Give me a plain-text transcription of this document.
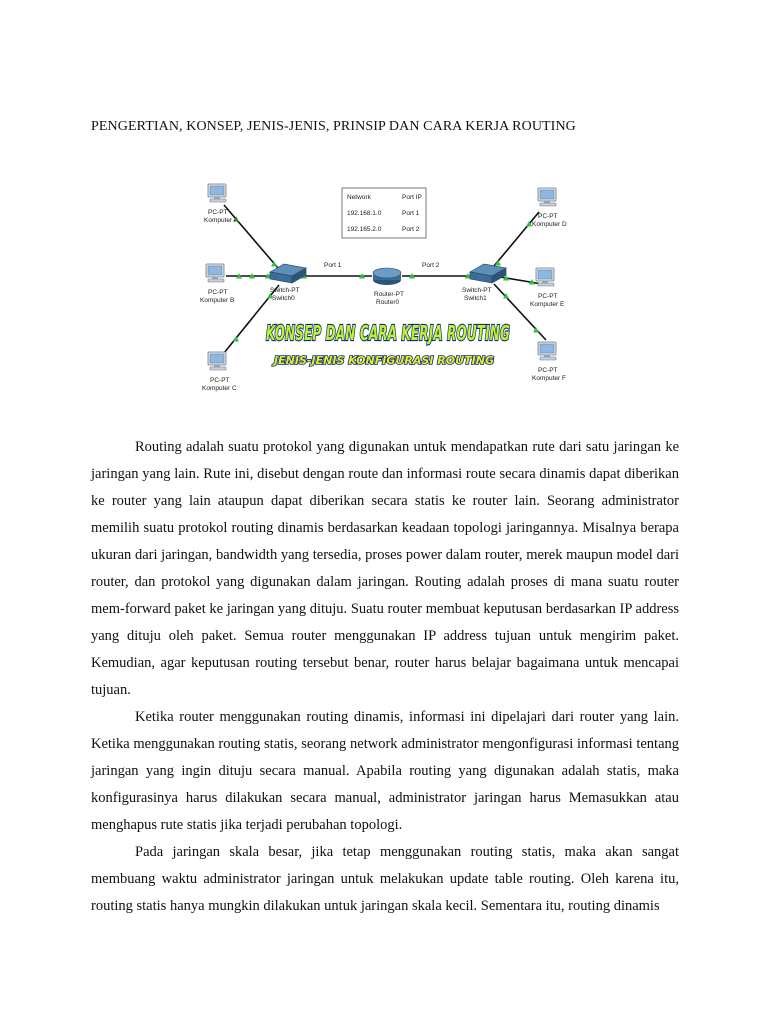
PENGERTIAN, KONSEP, JENIS-JENIS, PRINSIP DAN CARA KERJA ROUTING
Network	Port IP
192.168.1.0	Port 1
192.165.2.0	Port 2
Port 1	Port 2
PC-PT
Komputer A
PC-PT
Komputer B
PC-PT
Komputer C
PC-PT
Komputer D
PC-PT
Komputer E
PC-PT
Komputer F
Switch-PT
Switch0
Switch-PT
Switch1
Router-PT
Router0
KONSEP DAN CARA KERJA ROUTING
JENIS-JENIS KONFIGURASI ROUTING

Routing adalah suatu protokol yang digunakan untuk mendapatkan rute dari satu jaringan ke jaringan yang lain. Rute ini, disebut dengan route dan informasi route secara dinamis dapat diberikan ke router yang lain ataupun dapat diberikan secara statis ke router lain. Seorang administrator memilih suatu protokol routing dinamis berdasarkan keadaan topologi jaringannya. Misalnya berapa ukuran dari jaringan, bandwidth yang tersedia, proses power dalam router, merek maupun model dari router, dan protokol yang digunakan dalam jaringan. Routing adalah proses di mana suatu router mem-forward paket ke jaringan yang dituju. Suatu router membuat keputusan berdasarkan IP address yang dituju oleh paket. Semua router menggunakan IP address tujuan untuk mengirim paket. Kemudian, agar keputusan routing tersebut benar, router harus belajar bagaimana untuk mencapai tujuan.

Ketika router menggunakan routing dinamis, informasi ini dipelajari dari router yang lain. Ketika menggunakan routing statis, seorang network administrator mengonfigurasi informasi tentang jaringan yang ingin dituju secara manual. Apabila routing yang digunakan adalah statis, maka konfigurasinya harus dilakukan secara manual, administrator jaringan harus Memasukkan atau menghapus rute statis jika terjadi perubahan topologi.

Pada jaringan skala besar, jika tetap menggunakan routing statis, maka akan sangat membuang waktu administrator jaringan untuk melakukan update table routing. Oleh karena itu, routing statis hanya mungkin dilakukan untuk jaringan skala kecil. Sementara itu, routing dinamis
